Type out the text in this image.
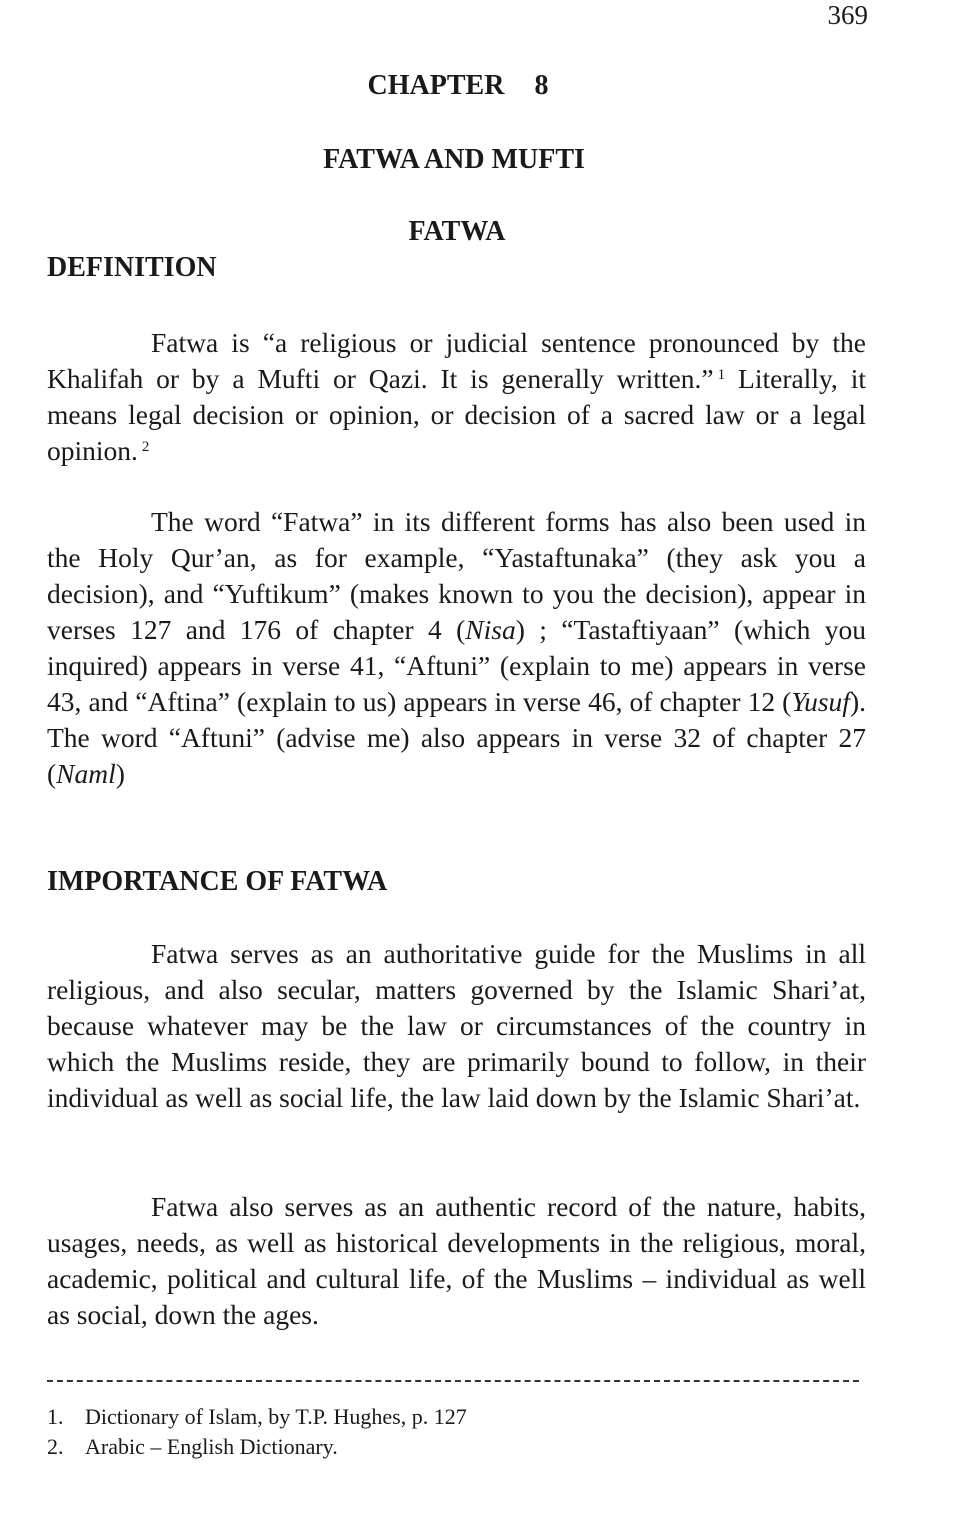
369
CHAPTER 8
FATWA AND MUFTI
FATWA
DEFINITION

Fatwa is “a religious or judicial sentence pronounced by the Khalifah or by a Mufti or Qazi. It is generally written.” $^1$ Literally, it means legal decision or opinion, or decision of a sacred law or a legal opinion. $^2$

The word “Fatwa” in its different forms has also been used in the Holy Qur’an, as for example, “Yastaftunaka” (they ask you a decision), and “Yuftikum” (makes known to you the decision), appear in verses 127 and 176 of chapter 4 (Nisa) ; “Tastaftiyaan” (which you inquired) appears in verse 41, “Aftuni” (explain to me) appears in verse 43, and “Aftina” (explain to us) appears in verse 46, of chapter 12 (Yusuf). The word “Aftuni” (advise me) also appears in verse 32 of chapter 27 (Naml)

IMPORTANCE OF FATWA

Fatwa serves as an authoritative guide for the Muslims in all religious, and also secular, matters governed by the Islamic Shari’at, because whatever may be the law or circumstances of the country in which the Muslims reside, they are primarily bound to follow, in their individual as well as social life, the law laid down by the Islamic Shari’at.

Fatwa also serves as an authentic record of the nature, habits, usages, needs, as well as historical developments in the religious, moral, academic, political and cultural life, of the Muslims – individual as well as social, down the ages.

1. Dictionary of Islam, by T.P. Hughes, p. 127
2. Arabic – English Dictionary.
